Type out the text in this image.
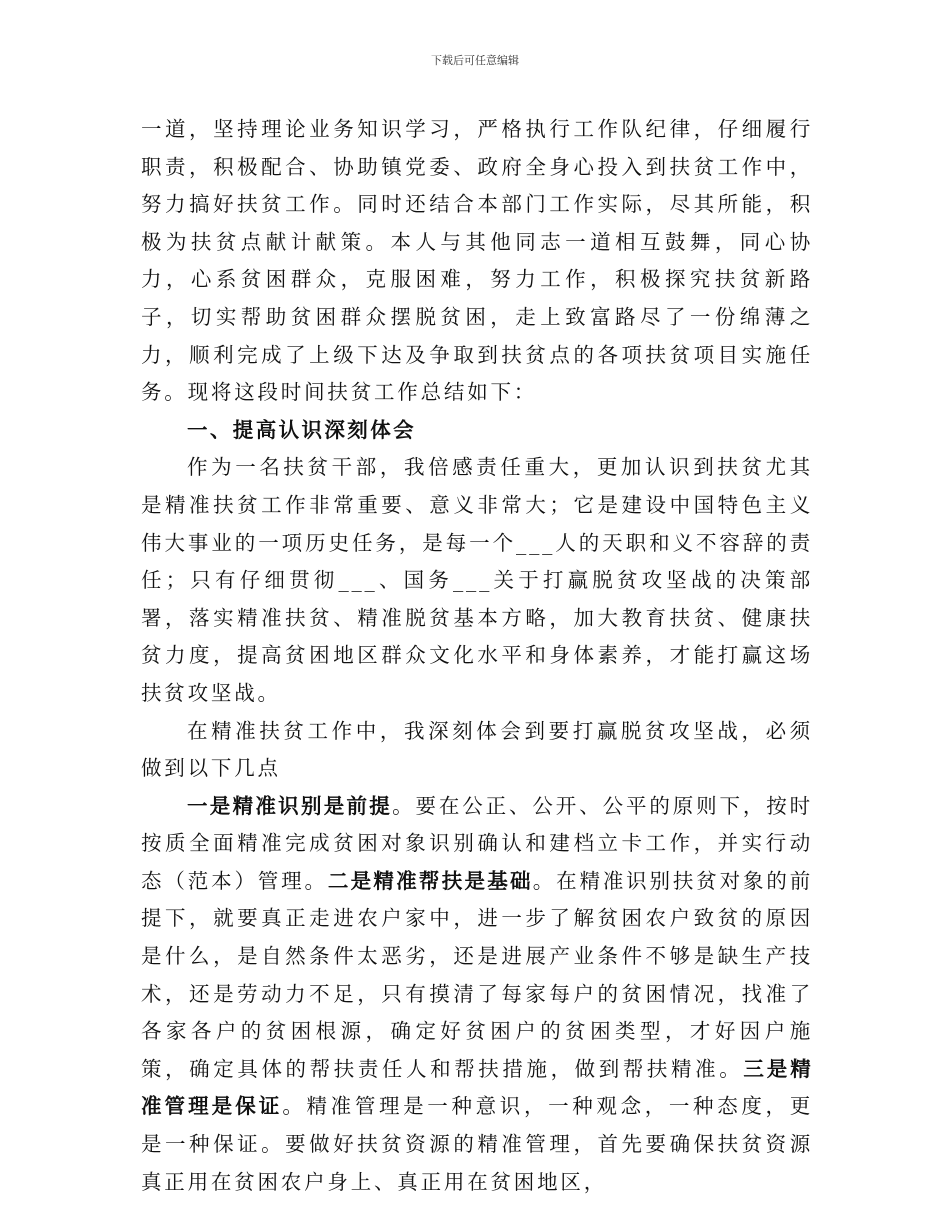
下载后可任意编辑

一道，坚持理论业务知识学习，严格执行工作队纪律，仔细履行职责，积极配合、协助镇党委、政府全身心投入到扶贫工作中，努力搞好扶贫工作。同时还结合本部门工作实际，尽其所能，积极为扶贫点献计献策。本人与其他同志一道相互鼓舞，同心协力，心系贫困群众，克服困难，努力工作，积极探究扶贫新路子，切实帮助贫困群众摆脱贫困，走上致富路尽了一份绵薄之力，顺利完成了上级下达及争取到扶贫点的各项扶贫项目实施任务。现将这段时间扶贫工作总结如下：

一、提高认识深刻体会

作为一名扶贫干部，我倍感责任重大，更加认识到扶贫尤其是精准扶贫工作非常重要、意义非常大；它是建设中国特色主义伟大事业的一项历史任务，是每一个___人的天职和义不容辞的责任；只有仔细贯彻___、国务___关于打赢脱贫攻坚战的决策部署，落实精准扶贫、精准脱贫基本方略，加大教育扶贫、健康扶贫力度，提高贫困地区群众文化水平和身体素养，才能打赢这场扶贫攻坚战。

在精准扶贫工作中，我深刻体会到要打赢脱贫攻坚战，必须做到以下几点

一是精准识别是前提。要在公正、公开、公平的原则下，按时按质全面精准完成贫困对象识别确认和建档立卡工作，并实行动态（范本）管理。二是精准帮扶是基础。在精准识别扶贫对象的前提下，就要真正走进农户家中，进一步了解贫困农户致贫的原因是什么，是自然条件太恶劣，还是进展产业条件不够是缺生产技术，还是劳动力不足，只有摸清了每家每户的贫困情况，找准了各家各户的贫困根源，确定好贫困户的贫困类型，才好因户施策，确定具体的帮扶责任人和帮扶措施，做到帮扶精准。三是精准管理是保证。精准管理是一种意识，一种观念，一种态度，更是一种保证。要做好扶贫资源的精准管理，首先要确保扶贫资源真正用在贫困农户身上、真正用在贫困地区，
